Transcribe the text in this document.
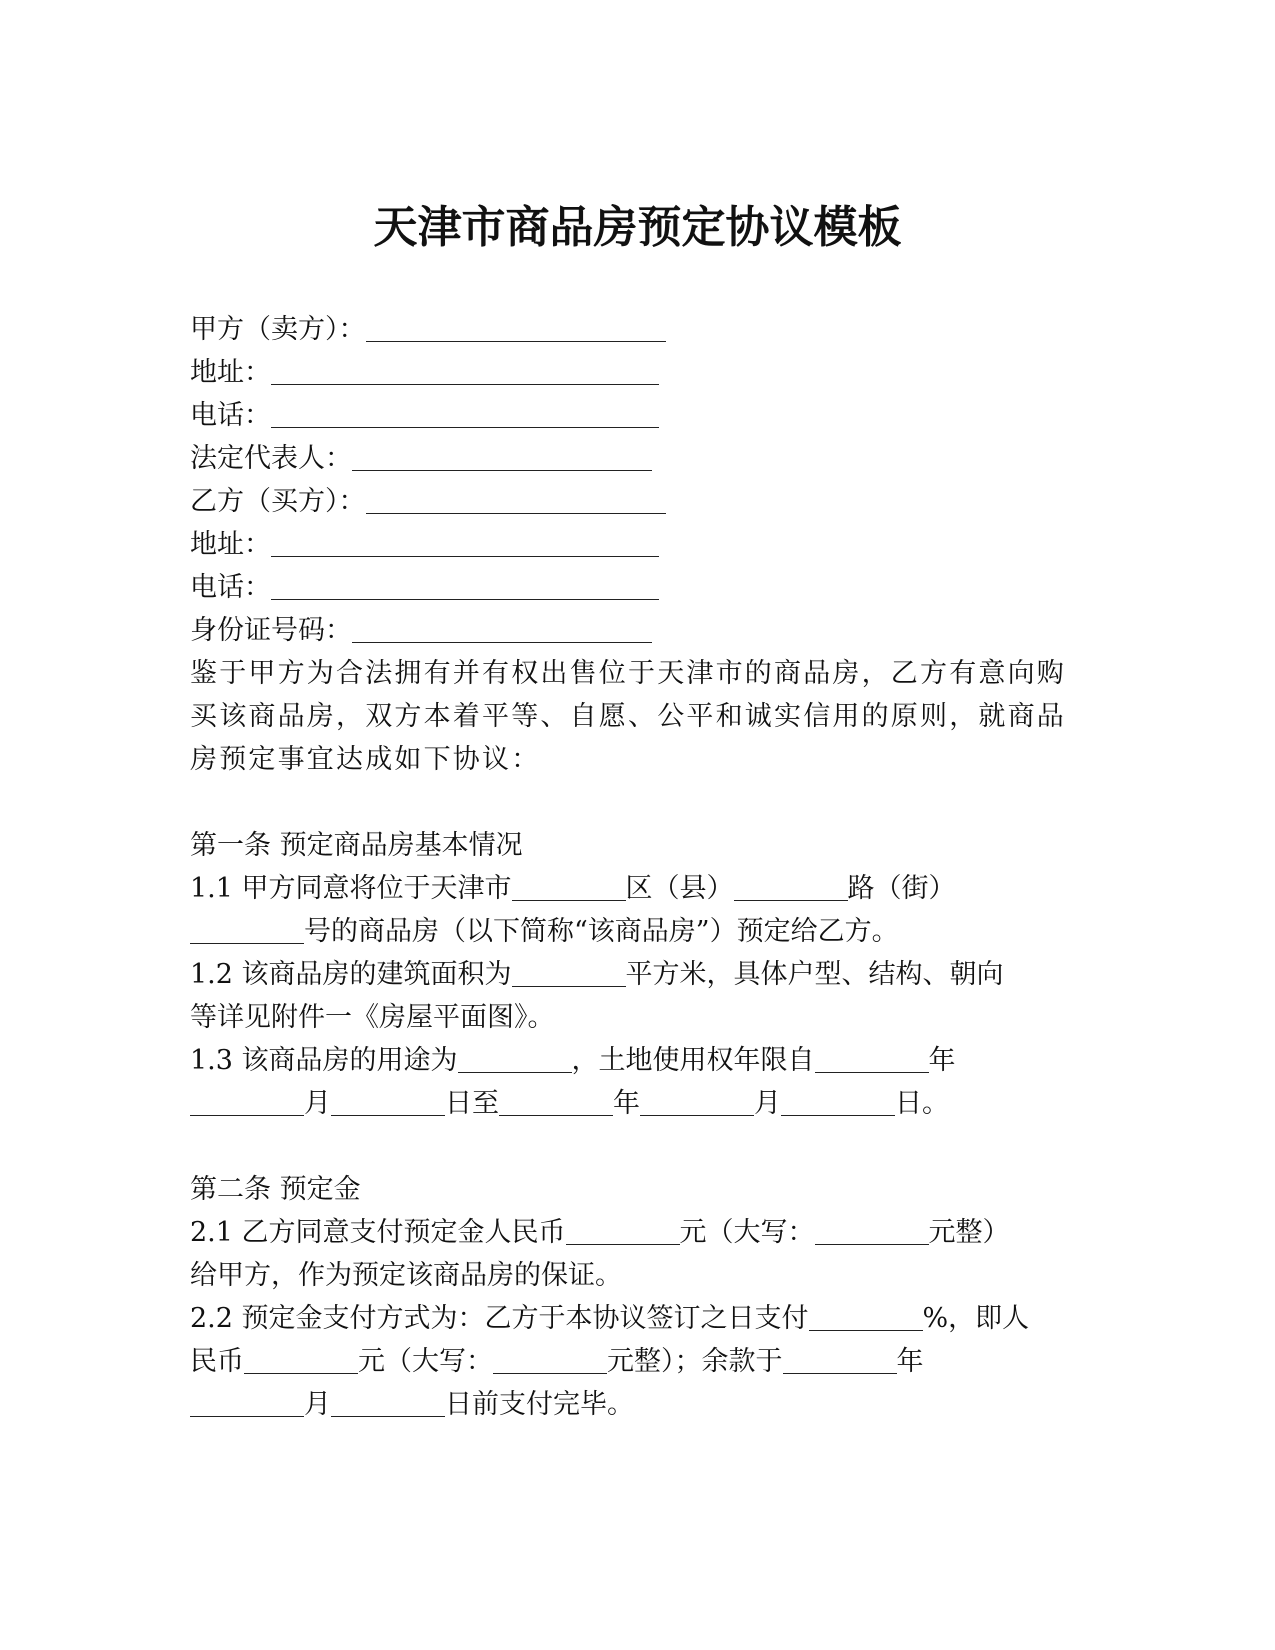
天津市商品房预定协议模板
甲方（卖方）：
地址：
电话：
法定代表人：
乙方（买方）：
地址：
电话：
身份证号码：
鉴于甲方为合法拥有并有权出售位于天津市的商品房，乙方有意向购
买该商品房，双方本着平等、自愿、公平和诚实信用的原则，就商品
房预定事宜达成如下协议：
第一条 预定商品房基本情况
1.1 甲方同意将位于天津市	区（县）	路（街）
号的商品房（以下简称“该商品房”）预定给乙方。
1.2 该商品房的建筑面积为	平方米，具体户型、结构、朝向
等详见附件一《房屋平面图》。
1.3 该商品房的用途为	，土地使用权年限自	年
月	日至	年	月	日。
第二条 预定金
2.1 乙方同意支付预定金人民币	元（大写：	元整）
给甲方，作为预定该商品房的保证。
2.2 预定金支付方式为：乙方于本协议签订之日支付	%，即人
民币	元（大写：	元整）；余款于	年
月	日前支付完毕。
